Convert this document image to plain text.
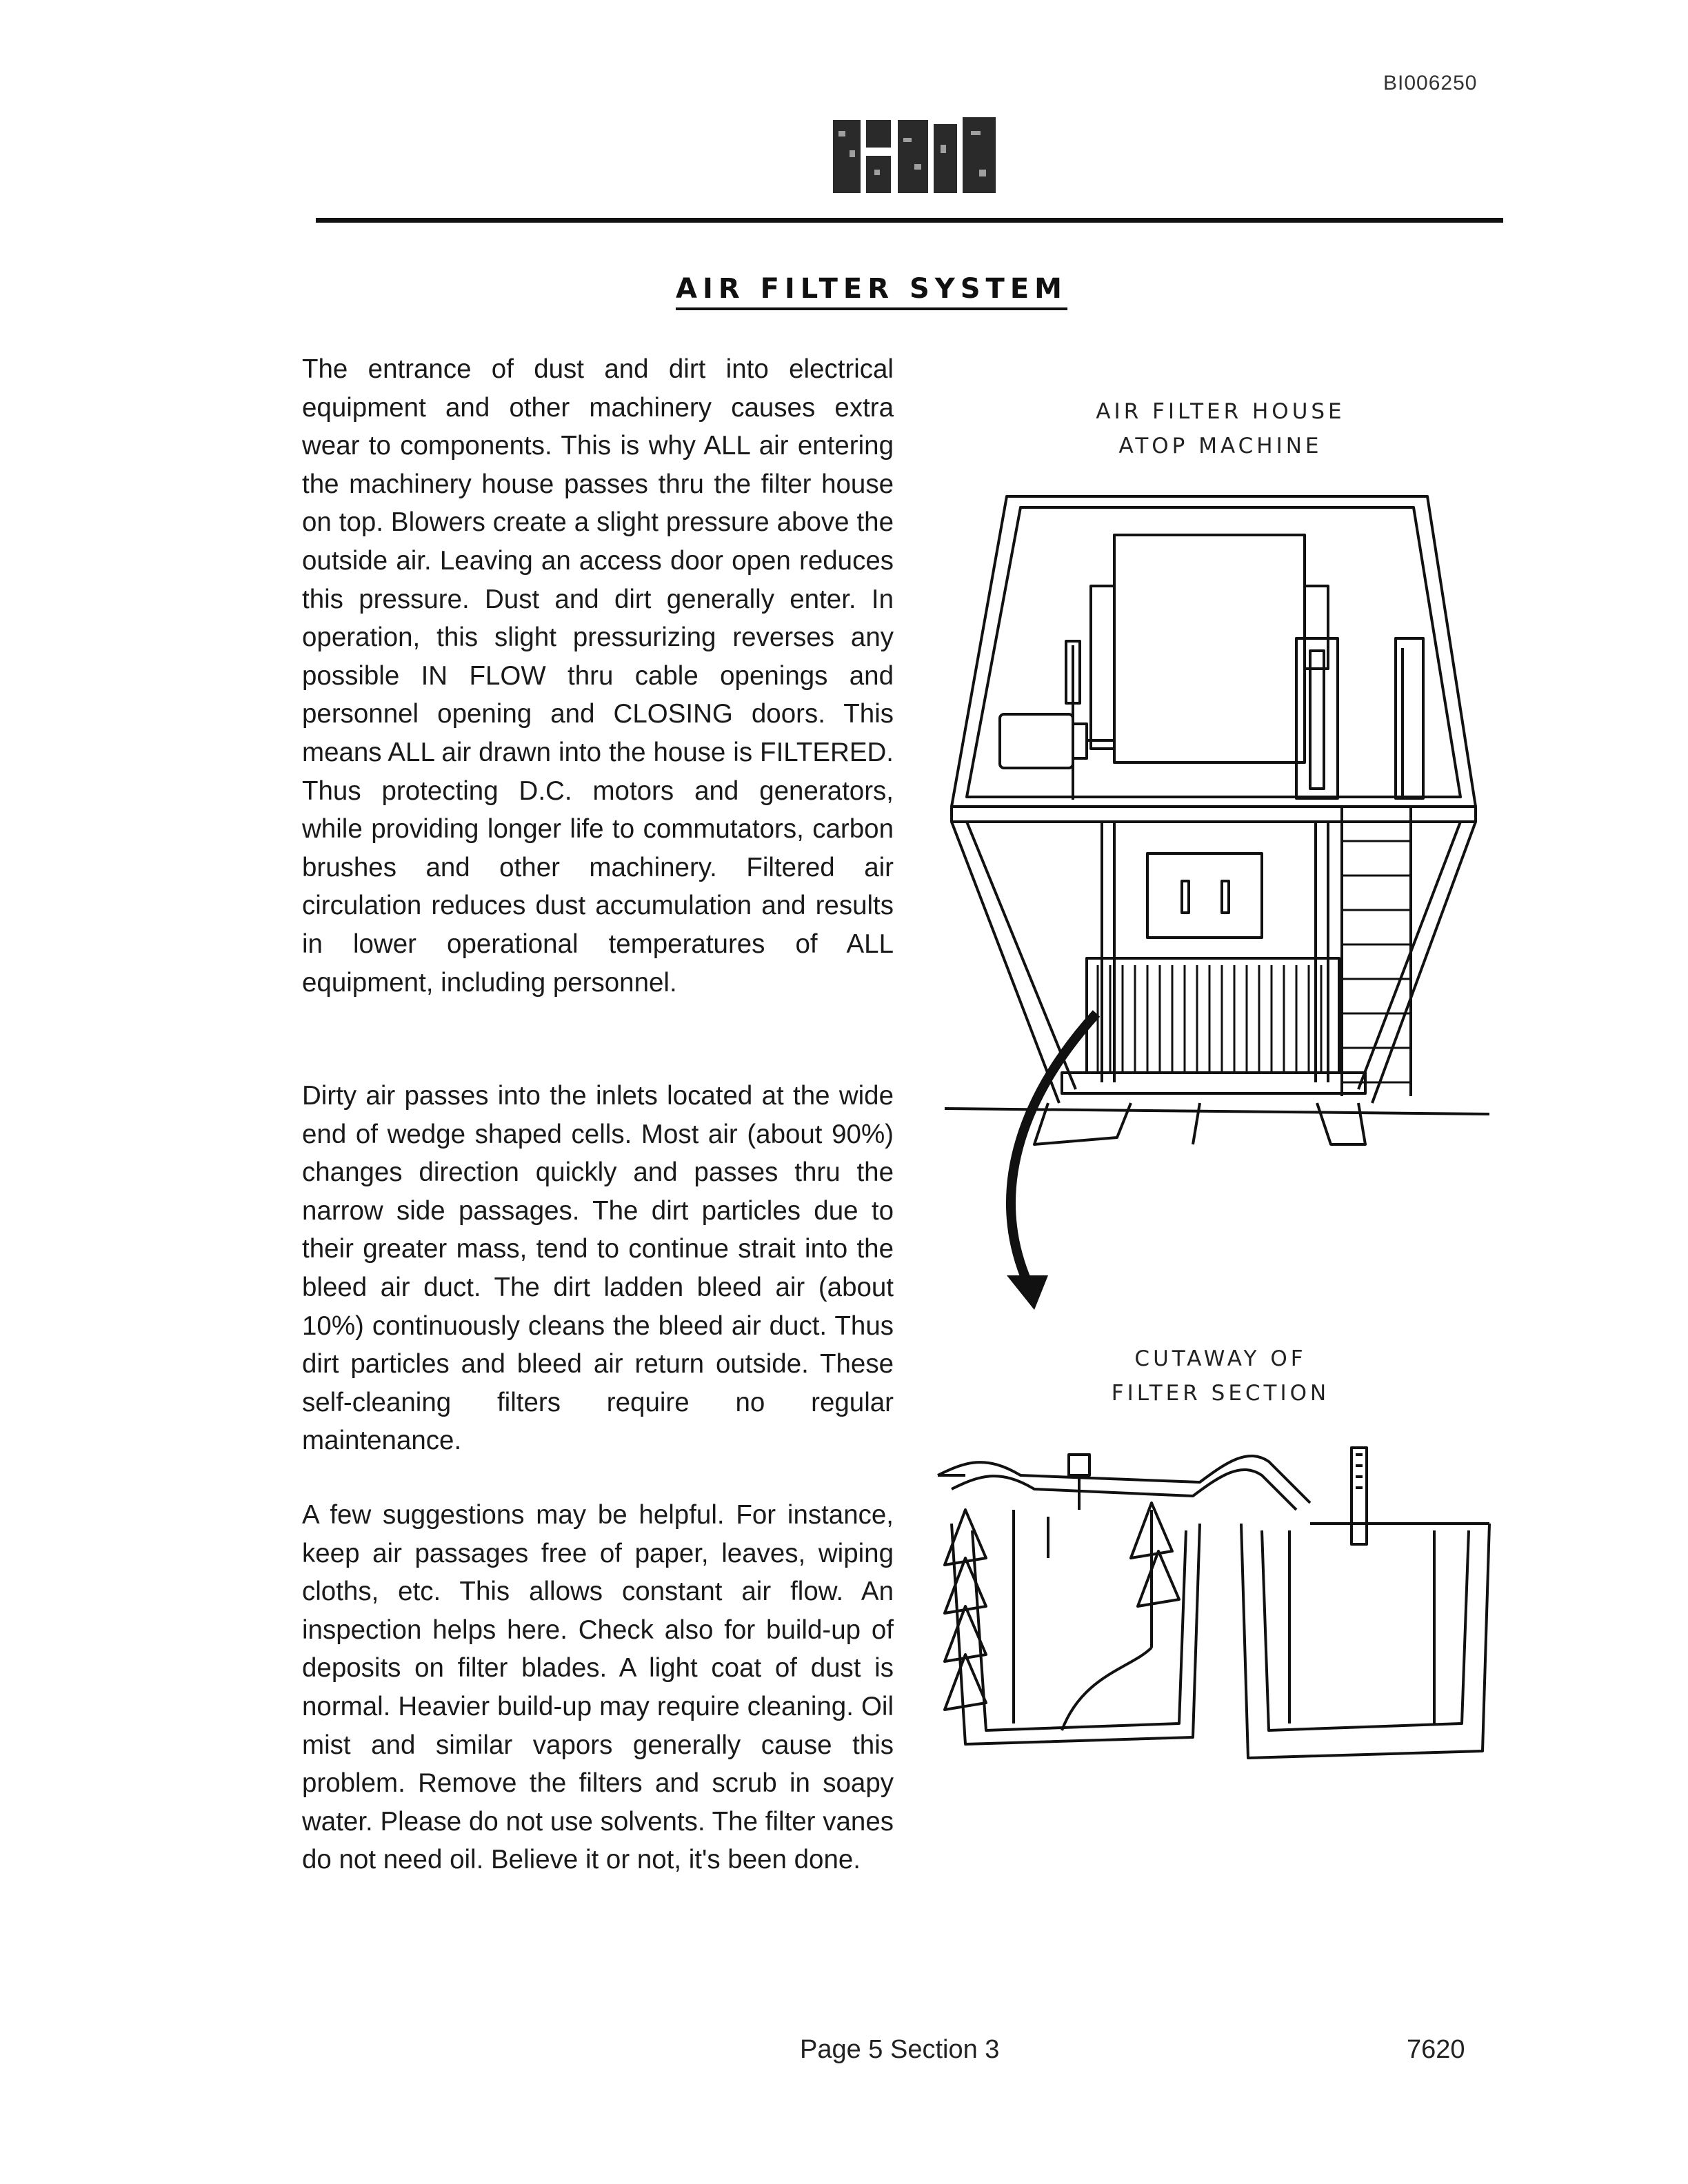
BI006250
AIR FILTER SYSTEM
The entrance of dust and dirt into electrical equipment and other machinery causes extra wear to components. This is why ALL air entering the machinery house passes thru the filter house on top. Blowers create a slight pressure above the outside air. Leaving an access door open reduces this pressure. Dust and dirt generally enter. In operation, this slight pressurizing reverses any possible IN FLOW thru cable openings and personnel opening and CLOSING doors. This means ALL air drawn into the house is FILTERED. Thus protecting D.C. motors and generators, while providing longer life to commutators, carbon brushes and other machinery. Filtered air circulation reduces dust accumulation and results in lower operational temperatures of ALL equipment, including personnel.
Dirty air passes into the inlets located at the wide end of wedge shaped cells. Most air (about 90%) changes direction quickly and passes thru the narrow side passages. The dirt particles due to their greater mass, tend to continue strait into the bleed air duct. The dirt ladden bleed air (about 10%) continuously cleans the bleed air duct. Thus dirt particles and bleed air return outside. These self-cleaning filters require no regular maintenance.
A few suggestions may be helpful. For instance, keep air passages free of paper, leaves, wiping cloths, etc. This allows constant air flow. An inspection helps here. Check also for build-up of deposits on filter blades. A light coat of dust is normal. Heavier build-up may require cleaning. Oil mist and similar vapors generally cause this problem. Remove the filters and scrub in soapy water. Please do not use solvents. The filter vanes do not need oil. Believe it or not, it's been done.
AIR FILTER HOUSE
ATOP MACHINE
CUTAWAY OF
FILTER SECTION
Page 5 Section 3	7620
